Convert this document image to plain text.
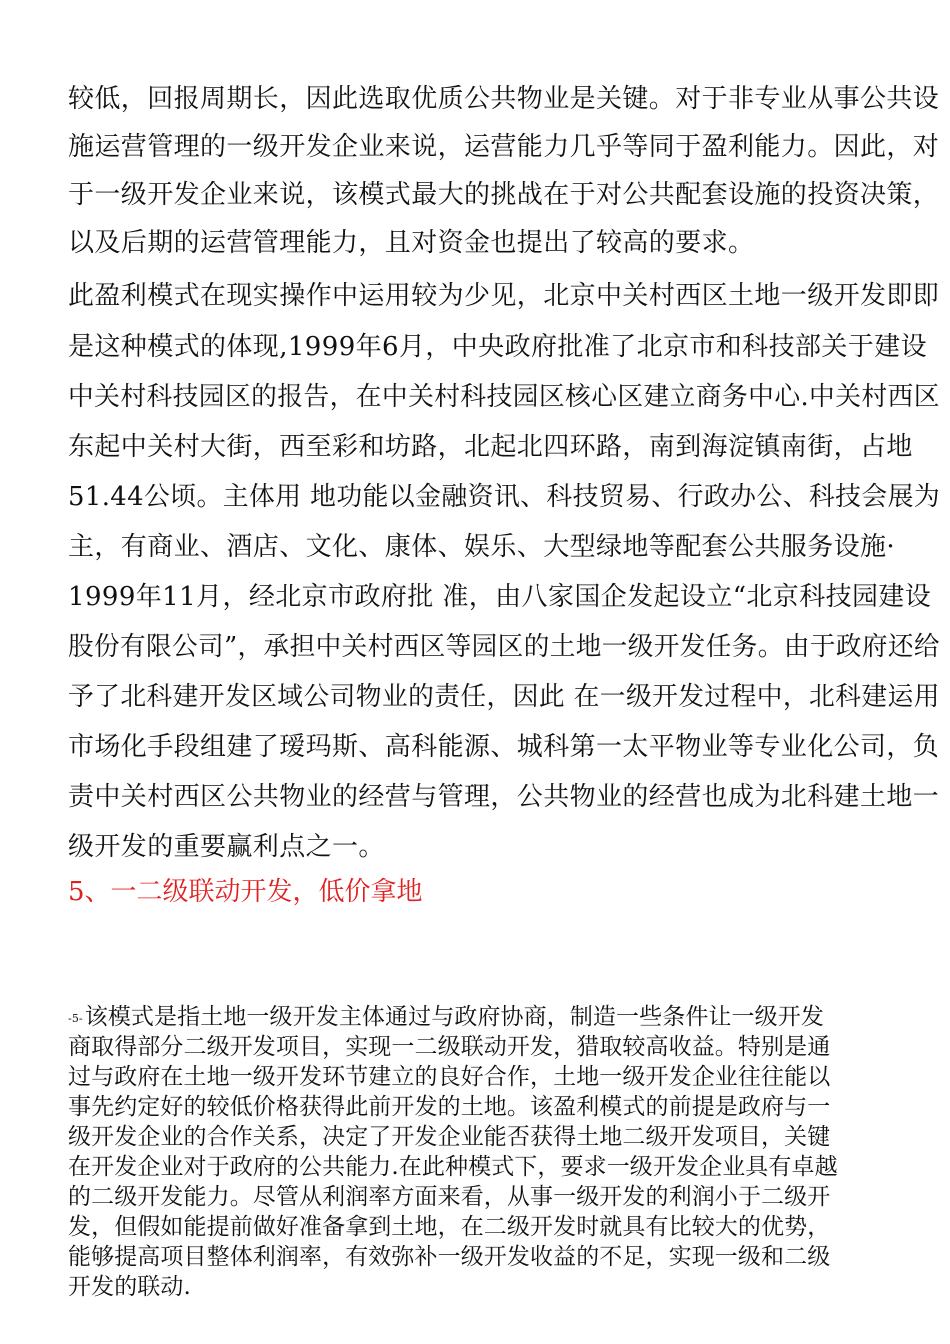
较低，回报周期长，因此选取优质公共物业是关键。对于非专业从事公共设
施运营管理的一级开发企业来说，运营能力几乎等同于盈利能力。因此，对
于一级开发企业来说，该模式最大的挑战在于对公共配套设施的投资决策，
以及后期的运营管理能力，且对资金也提出了较高的要求。
此盈利模式在现实操作中运用较为少见，北京中关村西区土地一级开发即即
是这种模式的体现,1999年6月，中央政府批准了北京市和科技部关于建设
中关村科技园区的报告，在中关村科技园区核心区建立商务中心.中关村西区
东起中关村大街，西至彩和坊路，北起北四环路，南到海淀镇南街，占地
51.44公顷。主体用 地功能以金融资讯、科技贸易、行政办公、科技会展为
主，有商业、酒店、文化、康体、娱乐、大型绿地等配套公共服务设施·
1999年11月，经北京市政府批 准，由八家国企发起设立“北京科技园建设
股份有限公司”，承担中关村西区等园区的土地一级开发任务。由于政府还给
予了北科建开发区域公司物业的责任，因此 在一级开发过程中，北科建运用
市场化手段组建了瑷玛斯、高科能源、城科第一太平物业等专业化公司，负
责中关村西区公共物业的经营与管理，公共物业的经营也成为北科建土地一
级开发的重要赢利点之一。
5、一二级联动开发，低价拿地
-5-该模式是指土地一级开发主体通过与政府协商，制造一些条件让一级开发
商取得部分二级开发项目，实现一二级联动开发，猎取较高收益。特别是通
过与政府在土地一级开发环节建立的良好合作，土地一级开发企业往往能以
事先约定好的较低价格获得此前开发的土地。该盈利模式的前提是政府与一
级开发企业的合作关系，决定了开发企业能否获得土地二级开发项目，关键
在开发企业对于政府的公共能力.在此种模式下，要求一级开发企业具有卓越
的二级开发能力。尽管从利润率方面来看，从事一级开发的利润小于二级开
发，但假如能提前做好准备拿到土地，在二级开发时就具有比较大的优势，
能够提高项目整体利润率，有效弥补一级开发收益的不足，实现一级和二级
开发的联动.
